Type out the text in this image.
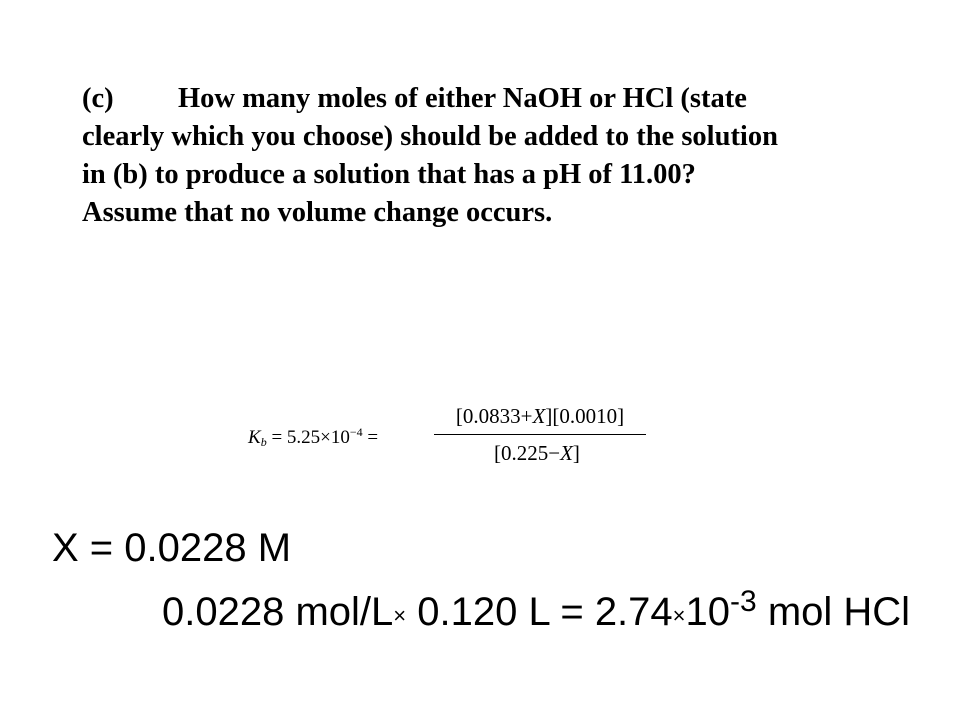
(c) How many moles of either NaOH or HCl (state
clearly which you choose) should be added to the solution
in (b) to produce a solution that has a pH of 11.00?
Assume that no volume change occurs.
$K_b = 5.25\times 10^{-4}$ =
[0.0833+X][0.0010]
[0.225−X]
X = 0.0228 M
0.0228 mol/L× 0.120 $L = 2.74\times 10^{-3}$ mol HCl
